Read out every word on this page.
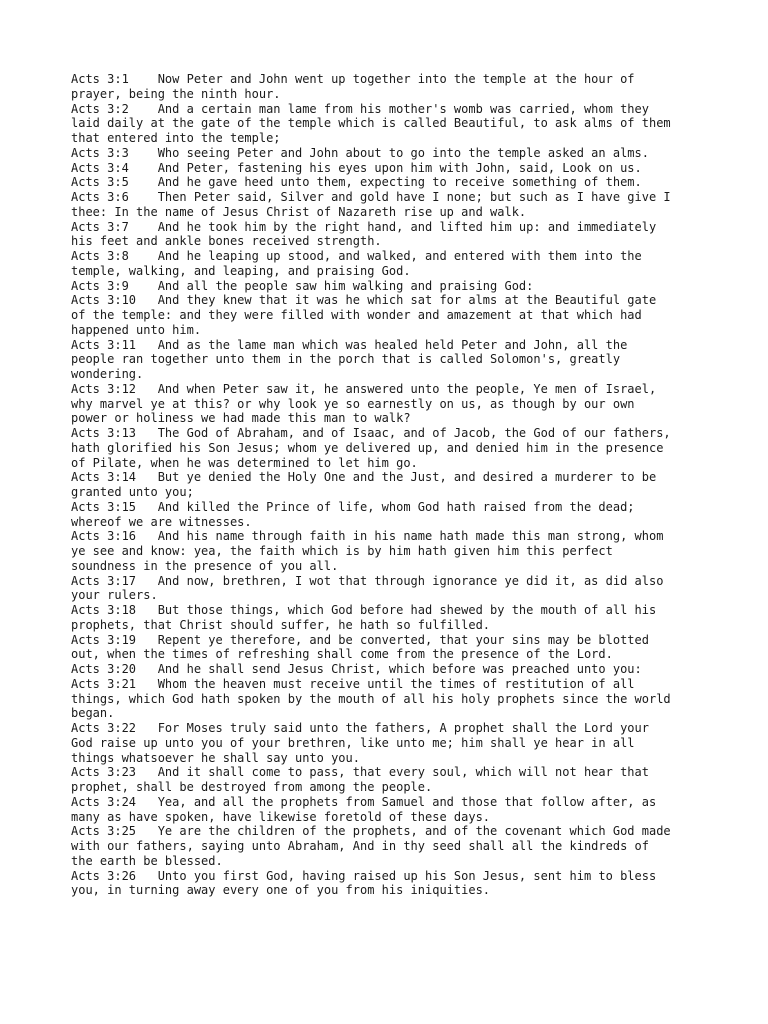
Acts 3:1    Now Peter and John went up together into the temple at the hour of
prayer, being the ninth hour.
Acts 3:2    And a certain man lame from his mother's womb was carried, whom they
laid daily at the gate of the temple which is called Beautiful, to ask alms of them
that entered into the temple;
Acts 3:3    Who seeing Peter and John about to go into the temple asked an alms.
Acts 3:4    And Peter, fastening his eyes upon him with John, said, Look on us.
Acts 3:5    And he gave heed unto them, expecting to receive something of them.
Acts 3:6    Then Peter said, Silver and gold have I none; but such as I have give I
thee: In the name of Jesus Christ of Nazareth rise up and walk.
Acts 3:7    And he took him by the right hand, and lifted him up: and immediately
his feet and ankle bones received strength.
Acts 3:8    And he leaping up stood, and walked, and entered with them into the
temple, walking, and leaping, and praising God.
Acts 3:9    And all the people saw him walking and praising God:
Acts 3:10   And they knew that it was he which sat for alms at the Beautiful gate
of the temple: and they were filled with wonder and amazement at that which had
happened unto him.
Acts 3:11   And as the lame man which was healed held Peter and John, all the
people ran together unto them in the porch that is called Solomon's, greatly
wondering.
Acts 3:12   And when Peter saw it, he answered unto the people, Ye men of Israel,
why marvel ye at this? or why look ye so earnestly on us, as though by our own
power or holiness we had made this man to walk?
Acts 3:13   The God of Abraham, and of Isaac, and of Jacob, the God of our fathers,
hath glorified his Son Jesus; whom ye delivered up, and denied him in the presence
of Pilate, when he was determined to let him go.
Acts 3:14   But ye denied the Holy One and the Just, and desired a murderer to be
granted unto you;
Acts 3:15   And killed the Prince of life, whom God hath raised from the dead;
whereof we are witnesses.
Acts 3:16   And his name through faith in his name hath made this man strong, whom
ye see and know: yea, the faith which is by him hath given him this perfect
soundness in the presence of you all.
Acts 3:17   And now, brethren, I wot that through ignorance ye did it, as did also
your rulers.
Acts 3:18   But those things, which God before had shewed by the mouth of all his
prophets, that Christ should suffer, he hath so fulfilled.
Acts 3:19   Repent ye therefore, and be converted, that your sins may be blotted
out, when the times of refreshing shall come from the presence of the Lord.
Acts 3:20   And he shall send Jesus Christ, which before was preached unto you:
Acts 3:21   Whom the heaven must receive until the times of restitution of all
things, which God hath spoken by the mouth of all his holy prophets since the world
began.
Acts 3:22   For Moses truly said unto the fathers, A prophet shall the Lord your
God raise up unto you of your brethren, like unto me; him shall ye hear in all
things whatsoever he shall say unto you.
Acts 3:23   And it shall come to pass, that every soul, which will not hear that
prophet, shall be destroyed from among the people.
Acts 3:24   Yea, and all the prophets from Samuel and those that follow after, as
many as have spoken, have likewise foretold of these days.
Acts 3:25   Ye are the children of the prophets, and of the covenant which God made
with our fathers, saying unto Abraham, And in thy seed shall all the kindreds of
the earth be blessed.
Acts 3:26   Unto you first God, having raised up his Son Jesus, sent him to bless
you, in turning away every one of you from his iniquities.
